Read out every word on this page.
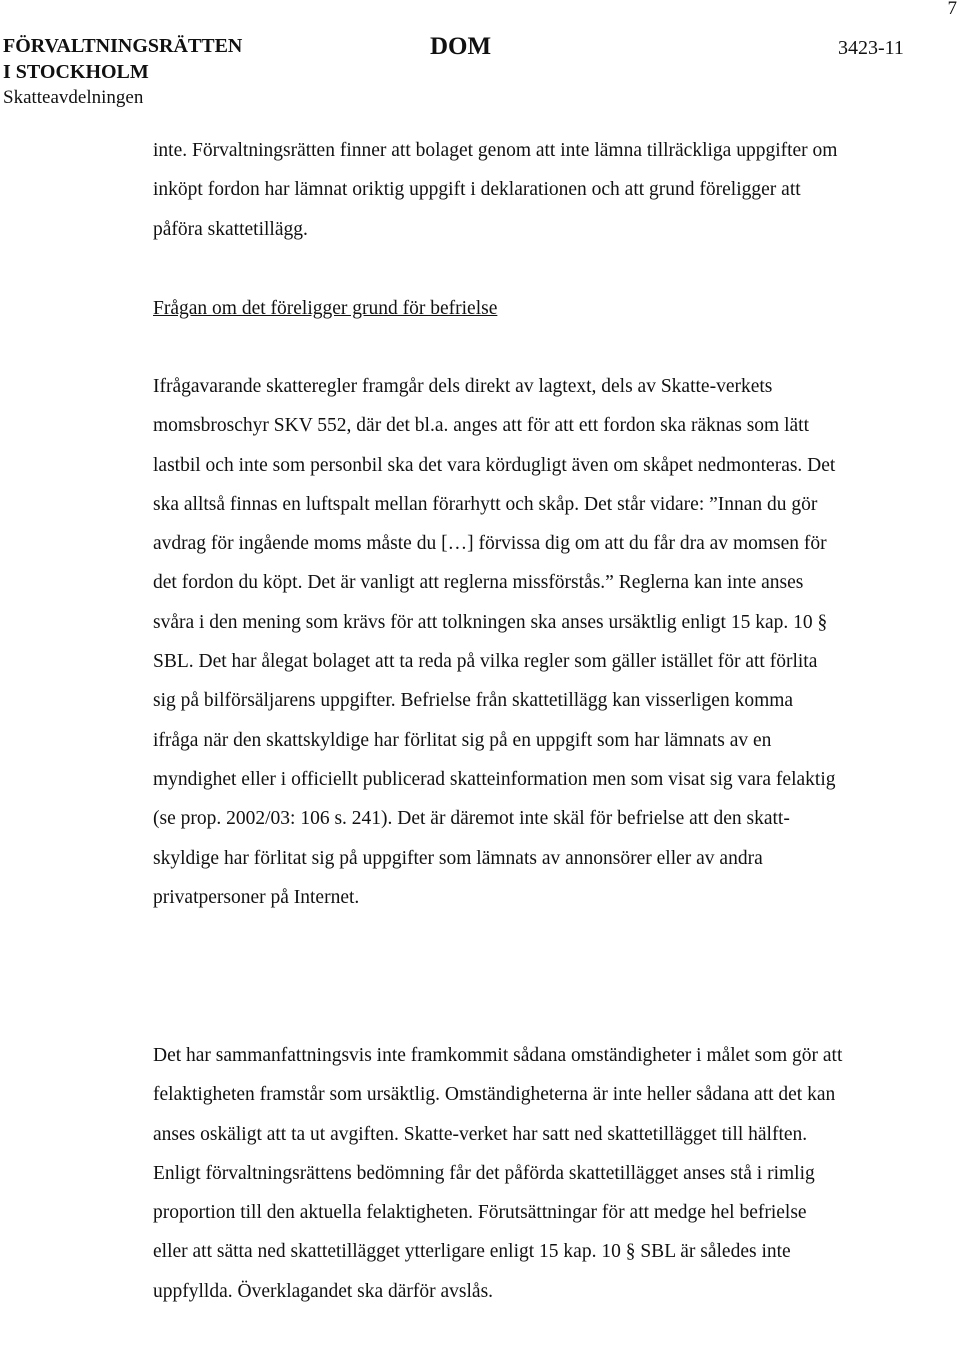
7
FÖRVALTNINGSRÄTTEN
I STOCKHOLM
Skatteavdelningen
DOM	3423-11

inte. Förvaltningsrätten finner att bolaget genom att inte lämna tillräckliga uppgifter om inköpt fordon har lämnat oriktig uppgift i deklarationen och att grund föreligger att påföra skattetillägg.

Frågan om det föreligger grund för befrielse

Ifrågavarande skatteregler framgår dels direkt av lagtext, dels av Skatte-verkets momsbroschyr SKV 552, där det bl.a. anges att för att ett fordon ska räknas som lätt lastbil och inte som personbil ska det vara kördugligt även om skåpet nedmonteras. Det ska alltså finnas en luftspalt mellan förarhytt och skåp. Det står vidare: ”Innan du gör avdrag för ingående moms måste du […] förvissa dig om att du får dra av momsen för det fordon du köpt. Det är vanligt att reglerna missförstås.” Reglerna kan inte anses svåra i den mening som krävs för att tolkningen ska anses ursäktlig enligt 15 kap. 10 § SBL. Det har ålegat bolaget att ta reda på vilka regler som gäller istället för att förlita sig på bilförsäljarens uppgifter. Befrielse från skattetillägg kan visserligen komma ifråga när den skattskyldige har förlitat sig på en uppgift som har lämnats av en myndighet eller i officiellt publicerad skatteinformation men som visat sig vara felaktig (se prop. 2002/03: 106 s. 241). Det är däremot inte skäl för befrielse att den skatt-skyldige har förlitat sig på uppgifter som lämnats av annonsörer eller av andra privatpersoner på Internet.

Det har sammanfattningsvis inte framkommit sådana omständigheter i målet som gör att felaktigheten framstår som ursäktlig. Omständigheterna är inte heller sådana att det kan anses oskäligt att ta ut avgiften. Skatte-verket har satt ned skattetillägget till hälften. Enligt förvaltningsrättens bedömning får det påförda skattetillägget anses stå i rimlig proportion till den aktuella felaktigheten. Förutsättningar för att medge hel befrielse eller att sätta ned skattetillägget ytterligare enligt 15 kap. 10 § SBL är således inte uppfyllda. Överklagandet ska därför avslås.
